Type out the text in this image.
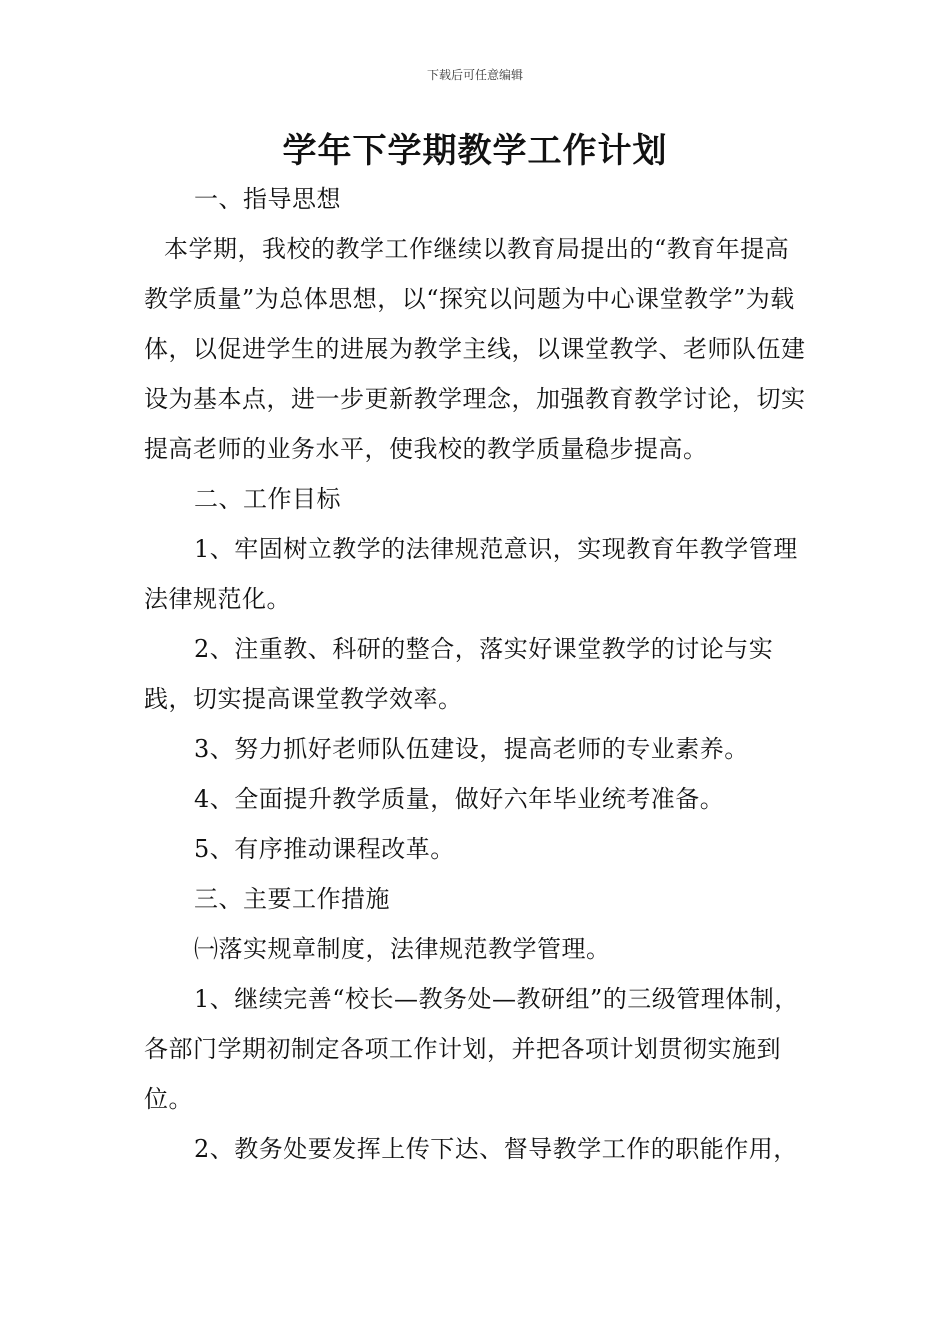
下载后可任意编辑
学年下学期教学工作计划

一、指导思想

本学期，我校的教学工作继续以教育局提出的“教育年提高教学质量”为总体思想，以“探究以问题为中心课堂教学”为载体，以促进学生的进展为教学主线，以课堂教学、老师队伍建设为基本点，进一步更新教学理念，加强教育教学讨论，切实提高老师的业务水平，使我校的教学质量稳步提高。

二、工作目标

1、牢固树立教学的法律规范意识，实现教育年教学管理法律规范化。

2、注重教、科研的整合，落实好课堂教学的讨论与实践，切实提高课堂教学效率。

3、努力抓好老师队伍建设，提高老师的专业素养。

4、全面提升教学质量，做好六年毕业统考准备。

5、有序推动课程改革。

三、主要工作措施

㈠落实规章制度，法律规范教学管理。

1、继续完善“校长—教务处—教研组”的三级管理体制，各部门学期初制定各项工作计划，并把各项计划贯彻实施到位。

2、教务处要发挥上传下达、督导教学工作的职能作用，
